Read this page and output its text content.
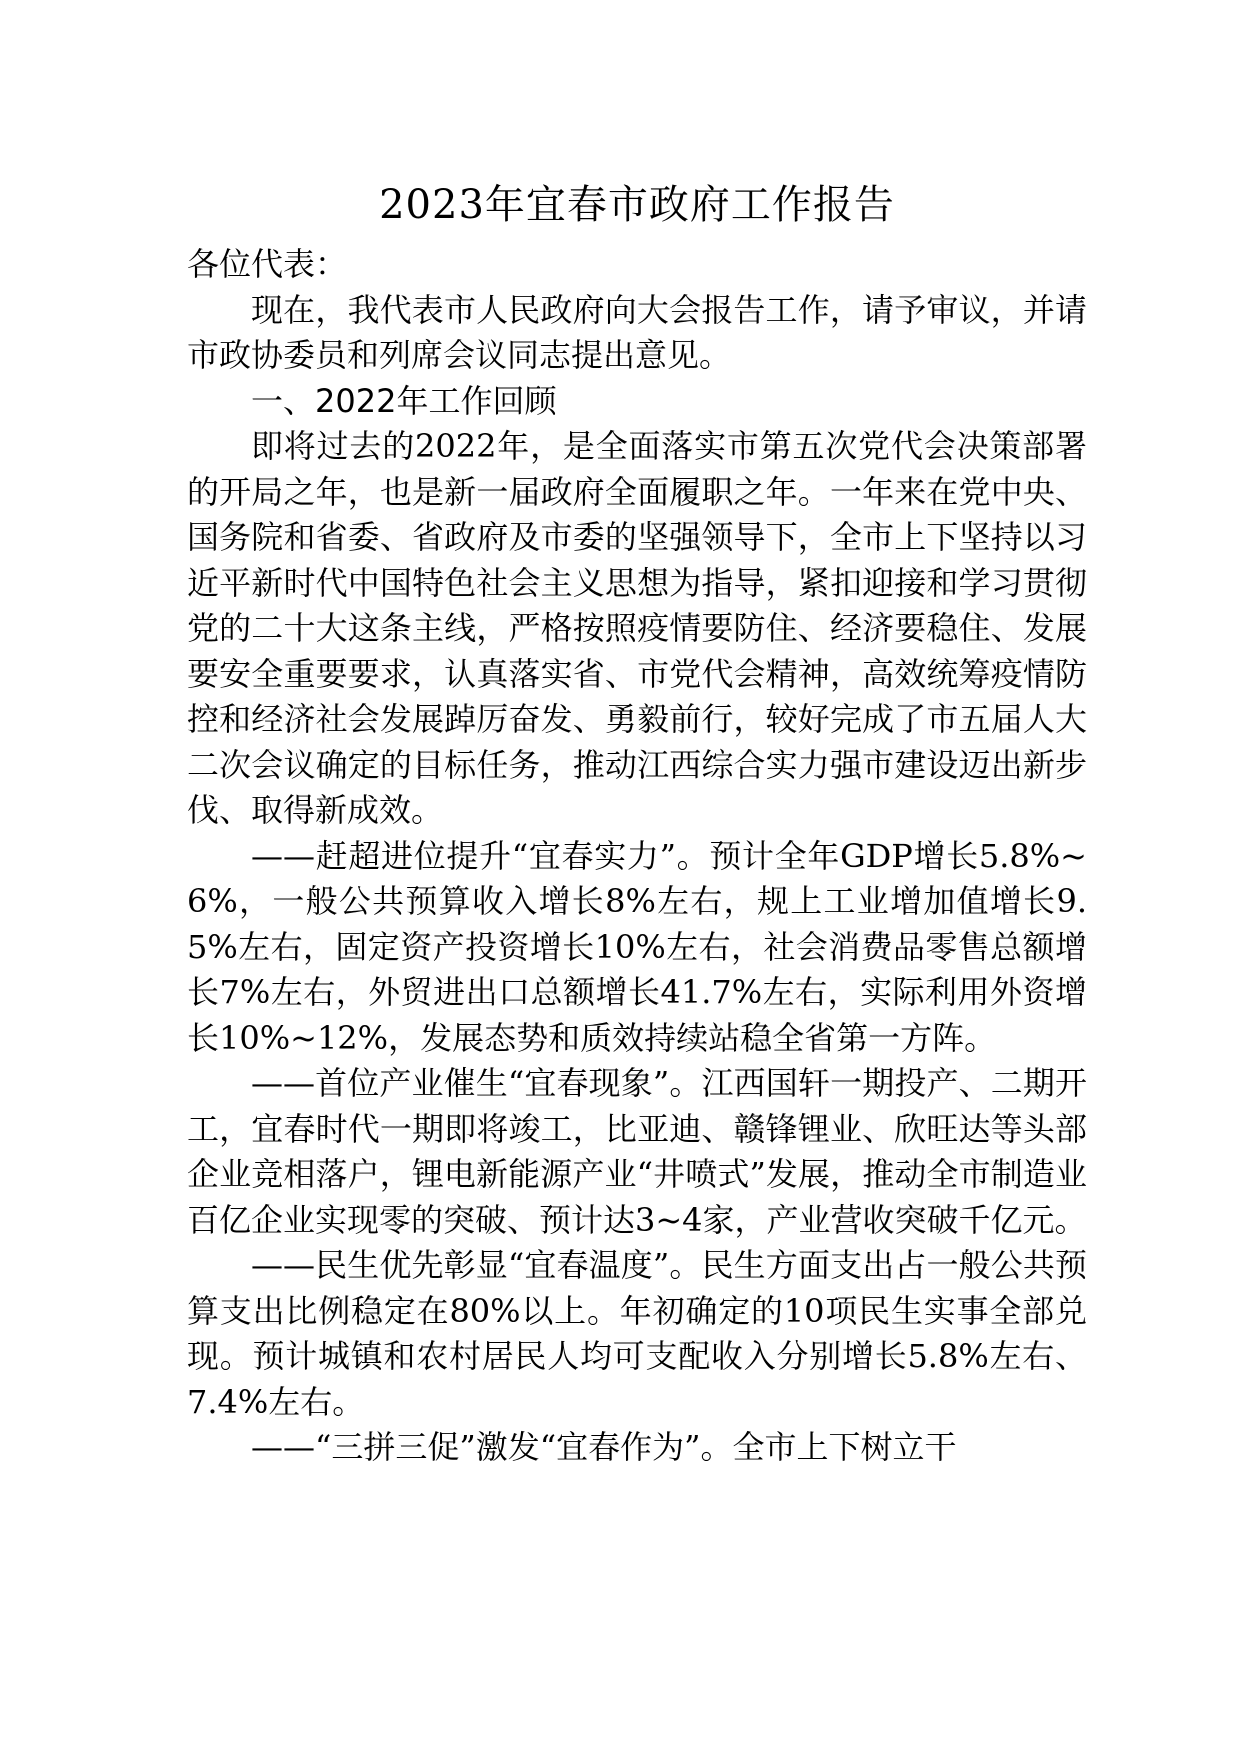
2023年宜春市政府工作报告

各位代表：

现在，我代表市人民政府向大会报告工作，请予审议，并请市政协委员和列席会议同志提出意见。

一、2022年工作回顾

即将过去的2022年，是全面落实市第五次党代会决策部署的开局之年，也是新一届政府全面履职之年。一年来在党中央、国务院和省委、省政府及市委的坚强领导下，全市上下坚持以习近平新时代中国特色社会主义思想为指导，紧扣迎接和学习贯彻党的二十大这条主线，严格按照疫情要防住、经济要稳住、发展要安全重要要求，认真落实省、市党代会精神，高效统筹疫情防控和经济社会发展踔厉奋发、勇毅前行，较好完成了市五届人大二次会议确定的目标任务，推动江西综合实力强市建设迈出新步伐、取得新成效。

——赶超进位提升“宜春实力”。预计全年GDP增长5.8%~6%，一般公共预算收入增长8%左右，规上工业增加值增长9.5%左右，固定资产投资增长10%左右，社会消费品零售总额增长7%左右，外贸进出口总额增长41.7%左右，实际利用外资增长10%~12%，发展态势和质效持续站稳全省第一方阵。

——首位产业催生“宜春现象”。江西国轩一期投产、二期开工，宜春时代一期即将竣工，比亚迪、赣锋锂业、欣旺达等头部企业竞相落户，锂电新能源产业“井喷式”发展，推动全市制造业百亿企业实现零的突破、预计达3~4家，产业营收突破千亿元。

——民生优先彰显“宜春温度”。民生方面支出占一般公共预算支出比例稳定在80%以上。年初确定的10项民生实事全部兑现。预计城镇和农村居民人均可支配收入分别增长5.8%左右、7.4%左右。

——“三拼三促”激发“宜春作为”。全市上下树立干
